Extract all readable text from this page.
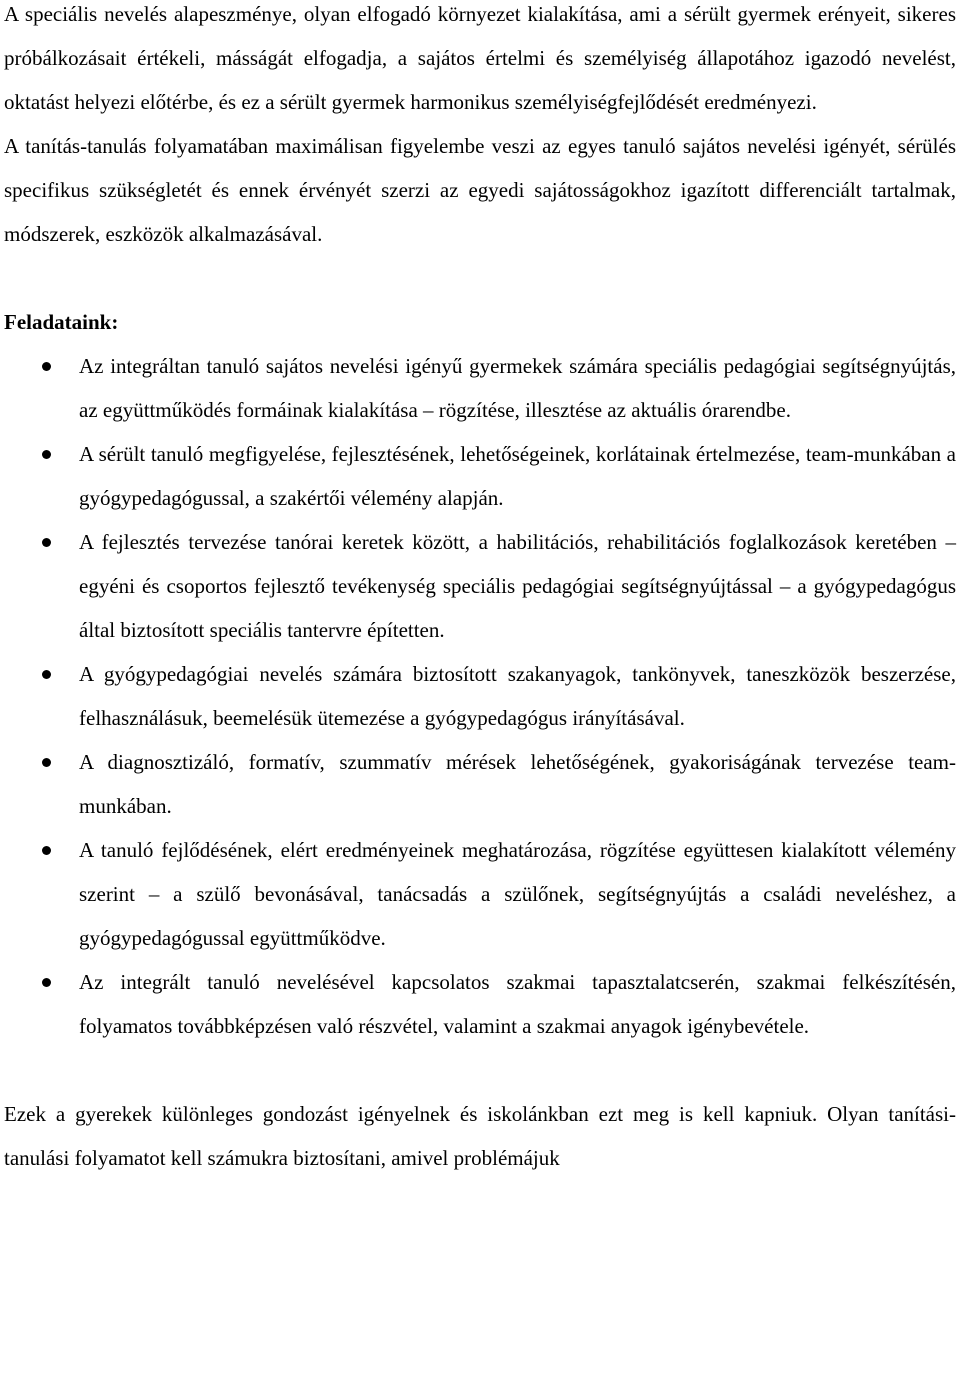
A speciális nevelés alapeszménye, olyan elfogadó környezet kialakítása, ami a sérült gyermek erényeit, sikeres próbálkozásait értékeli, másságát elfogadja, a sajátos értelmi és személyiség állapotához igazodó nevelést, oktatást helyezi előtérbe, és ez a sérült gyermek harmonikus személyiségfejlődését eredményezi.

A tanítás-tanulás folyamatában maximálisan figyelembe veszi az egyes tanuló sajátos nevelési igényét, sérülés specifikus szükségletét és ennek érvényét szerzi az egyedi sajátosságokhoz igazított differenciált tartalmak, módszerek, eszközök alkalmazásával.

Feladataink:

Az integráltan tanuló sajátos nevelési igényű gyermekek számára speciális pedagógiai segítségnyújtás, az együttműködés formáinak kialakítása – rögzítése, illesztése az aktuális órarendbe.

A sérült tanuló megfigyelése, fejlesztésének, lehetőségeinek, korlátainak értelmezése, team-munkában a gyógypedagógussal, a szakértői vélemény alapján.

A fejlesztés tervezése tanórai keretek között, a habilitációs, rehabilitációs foglalkozások keretében – egyéni és csoportos fejlesztő tevékenység speciális pedagógiai segítségnyújtással – a gyógypedagógus által biztosított speciális tantervre építetten.

A gyógypedagógiai nevelés számára biztosított szakanyagok, tankönyvek, taneszközök beszerzése, felhasználásuk, beemelésük ütemezése a gyógypedagógus irányításával.

A diagnosztizáló, formatív, szummatív mérések lehetőségének, gyakoriságának tervezése team-munkában.

A tanuló fejlődésének, elért eredményeinek meghatározása, rögzítése együttesen kialakított vélemény szerint – a szülő bevonásával, tanácsadás a szülőnek, segítségnyújtás a családi neveléshez, a gyógypedagógussal együttműködve.

Az integrált tanuló nevelésével kapcsolatos szakmai tapasztalatcserén, szakmai felkészítésén, folyamatos továbbképzésen való részvétel, valamint a szakmai anyagok igénybevétele.

Ezek a gyerekek különleges gondozást igényelnek és iskolánkban ezt meg is kell kapniuk. Olyan tanítási-tanulási folyamatot kell számukra biztosítani, amivel problémájuk
